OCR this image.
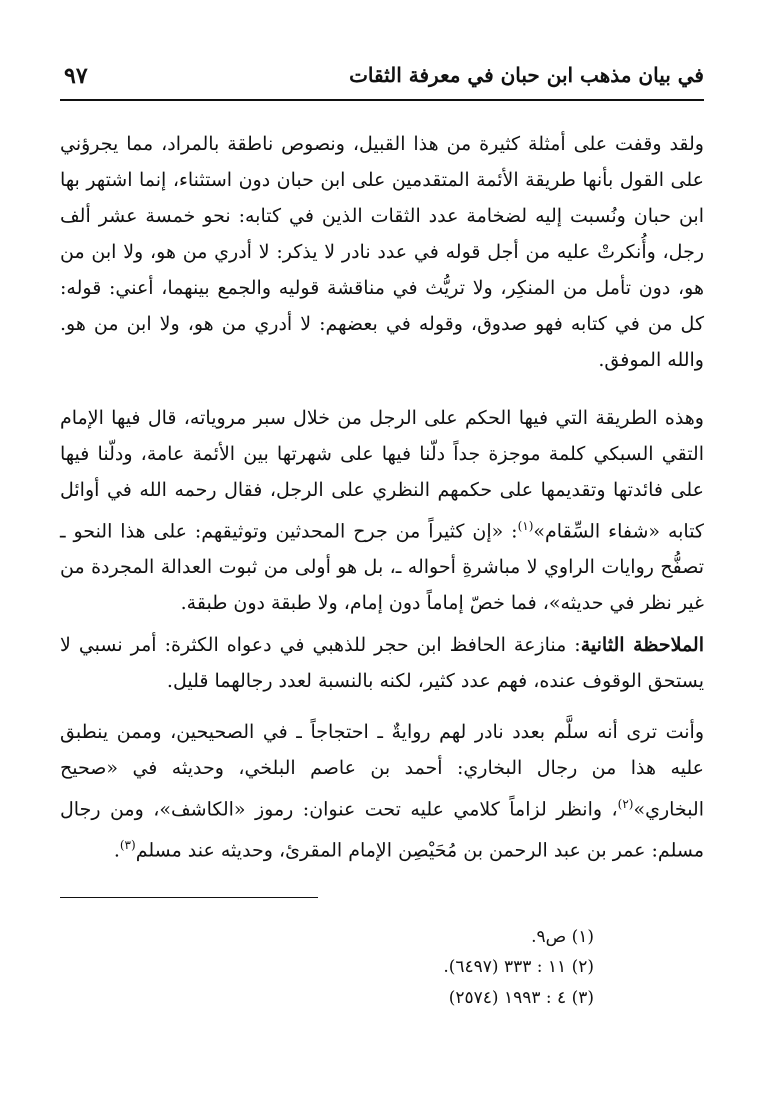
في بيان مذهب ابن حبان في معرفة الثقات
٩٧
ولقد وقفت على أمثلة كثيرة من هذا القبيل، ونصوص ناطقة بالمراد، مما يجرؤني على القول بأنها طريقة الأئمة المتقدمين على ابن حبان دون استثناء، إنما اشتهر بها ابن حبان ونُسبت إليه لضخامة عدد الثقات الذين في كتابه: نحو خمسة عشر ألف رجل، وأُنكرتْ عليه من أجل قوله في عدد نادر لا يذكر: لا أدري من هو، ولا ابن من هو، دون تأمل من المنكِر، ولا تريُّث في مناقشة قوليه والجمع بينهما، أعني: قوله: كل من في كتابه فهو صدوق، وقوله في بعضهم: لا أدري من هو، ولا ابن من هو. والله الموفق.
وهذه الطريقة التي فيها الحكم على الرجل من خلال سبر مروياته، قال فيها الإمام التقي السبكي كلمة موجزة جداً دلّنا فيها على شهرتها بين الأئمة عامة، ودلّنا فيها على فائدتها وتقديمها على حكمهم النظري على الرجل، فقال رحمه الله في أوائل كتابه «شفاء السِّقام»$^{(١)}$: «إن كثيراً من جرح المحدثين وتوثيقهم: على هذا النحو ـ تصفُّح روايات الراوي لا مباشرةِ أحواله ـ، بل هو أولى من ثبوت العدالة المجردة من غير نظر في حديثه»، فما خصّ إماماً دون إمام، ولا طبقة دون طبقة.
الملاحظة الثانية: منازعة الحافظ ابن حجر للذهبي في دعواه الكثرة: أمر نسبي لا يستحق الوقوف عنده، فهم عدد كثير، لكنه بالنسبة لعدد رجالهما قليل.
وأنت ترى أنه سلَّم بعدد نادر لهم روايةٌ ـ احتجاجاً ـ في الصحيحين، وممن ينطبق عليه هذا من رجال البخاري: أحمد بن عاصم البلخي، وحديثه في «صحيح البخاري»$^{(٢)}$، وانظر لزاماً كلامي عليه تحت عنوان: رموز «الكاشف»، ومن رجال مسلم: عمر بن عبد الرحمن بن مُحَيْصِن الإمام المقرئ، وحديثه عند مسلم$^{(٣)}$.
(١) ص٩.
(٢) ١١ : ٣٣٣ (٦٤٩٧).
(٣) ٤ : ١٩٩٣ (٢٥٧٤)
